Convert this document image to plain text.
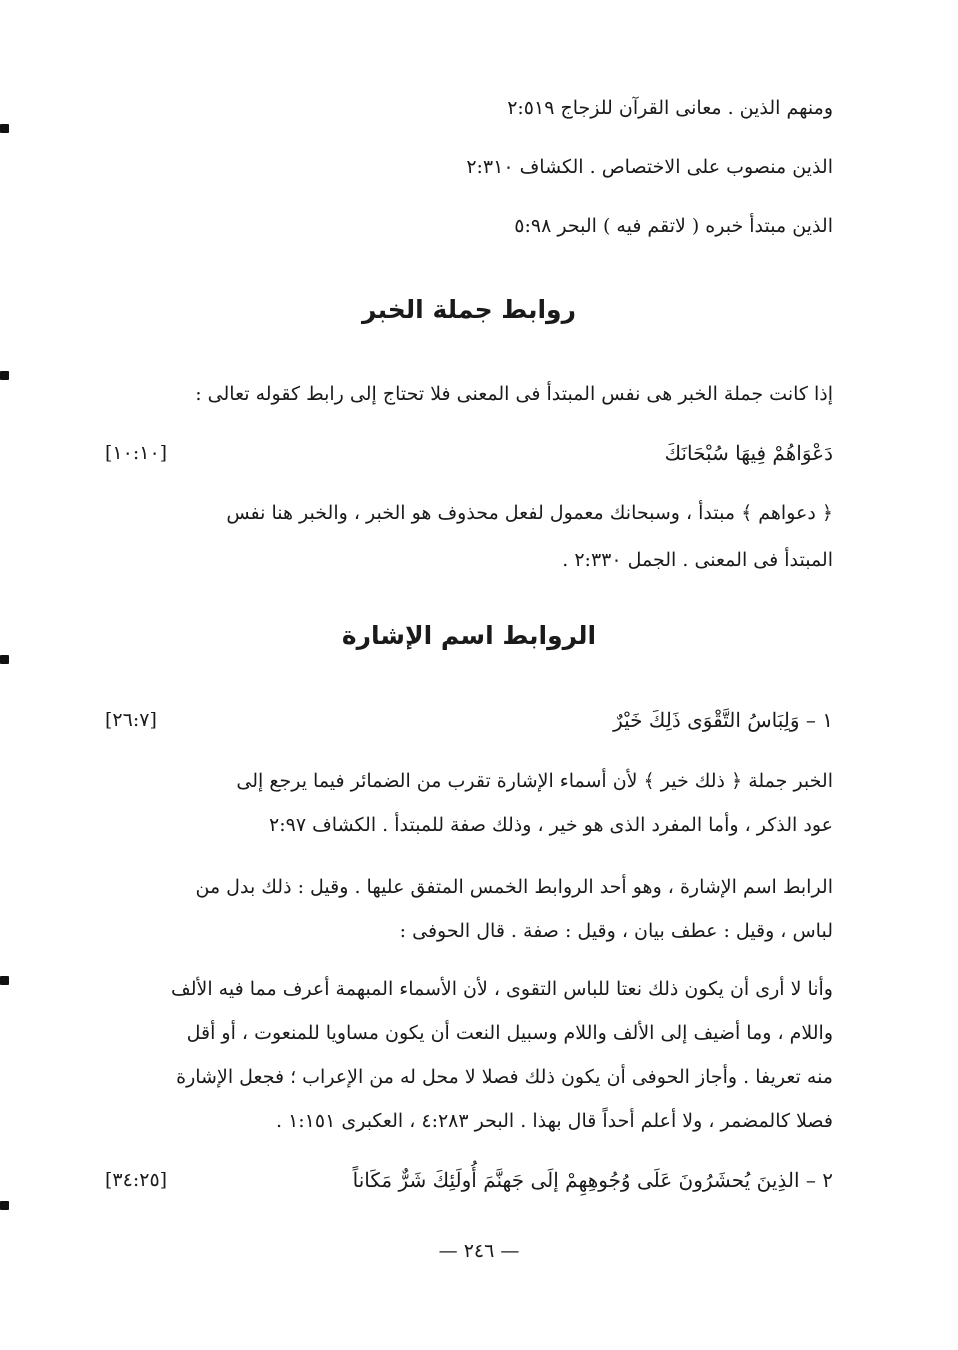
ومنهم الذين . معانى القرآن للزجاج ٢:٥١٩
الذين منصوب على الاختصاص . الكشاف ٢:٣١٠
الذين مبتدأ خبره ( لاتقم فيه ) البحر ٥:٩٨
روابط جملة الخبر
إذا كانت جملة الخبر هى نفس المبتدأ فى المعنى فلا تحتاج إلى رابط كقوله تعالى :
دَعْوَاهُمْ فِيهَا سُبْحَانَكَ
[١٠:١٠]
﴿ دعواهم ﴾ مبتدأ ، وسبحانك معمول لفعل محذوف هو الخبر ، والخبر هنا نفس
المبتدأ فى المعنى . الجمل ٢:٣٣٠ .
الروابط اسم الإشارة
١ – وَلِبَاسُ التَّقْوَى ذَلِكَ خَيْرٌ
[٢٦:٧]
الخبر جملة ﴿ ذلك خير ﴾ لأن أسماء الإشارة تقرب من الضمائر فيما يرجع إلى
عود الذكر ، وأما المفرد الذى هو خير ، وذلك صفة للمبتدأ . الكشاف ٢:٩٧
الرابط اسم الإشارة ، وهو أحد الروابط الخمس المتفق عليها . وقيل : ذلك بدل من
لباس ، وقيل : عطف بيان ، وقيل : صفة . قال الحوفى :
وأنا لا أرى أن يكون ذلك نعتا للباس التقوى ، لأن الأسماء المبهمة أعرف مما فيه الألف
واللام ، وما أضيف إلى الألف واللام وسبيل النعت أن يكون مساويا للمنعوت ، أو أقل
منه تعريفا . وأجاز الحوفى أن يكون ذلك فصلا لا محل له من الإعراب ؛ فجعل الإشارة
فصلا كالمضمر ، ولا أعلم أحداً قال بهذا . البحر ٤:٢٨٣ ، العكبرى ١:١٥١ .
٢ – الذِينَ يُحشَرُونَ عَلَى وُجُوهِهِمْ إلَى جَهنَّمَ أُولَئِكَ شَرٌّ مَكَاناً
[٣٤:٢٥]
— ٢٤٦ —
